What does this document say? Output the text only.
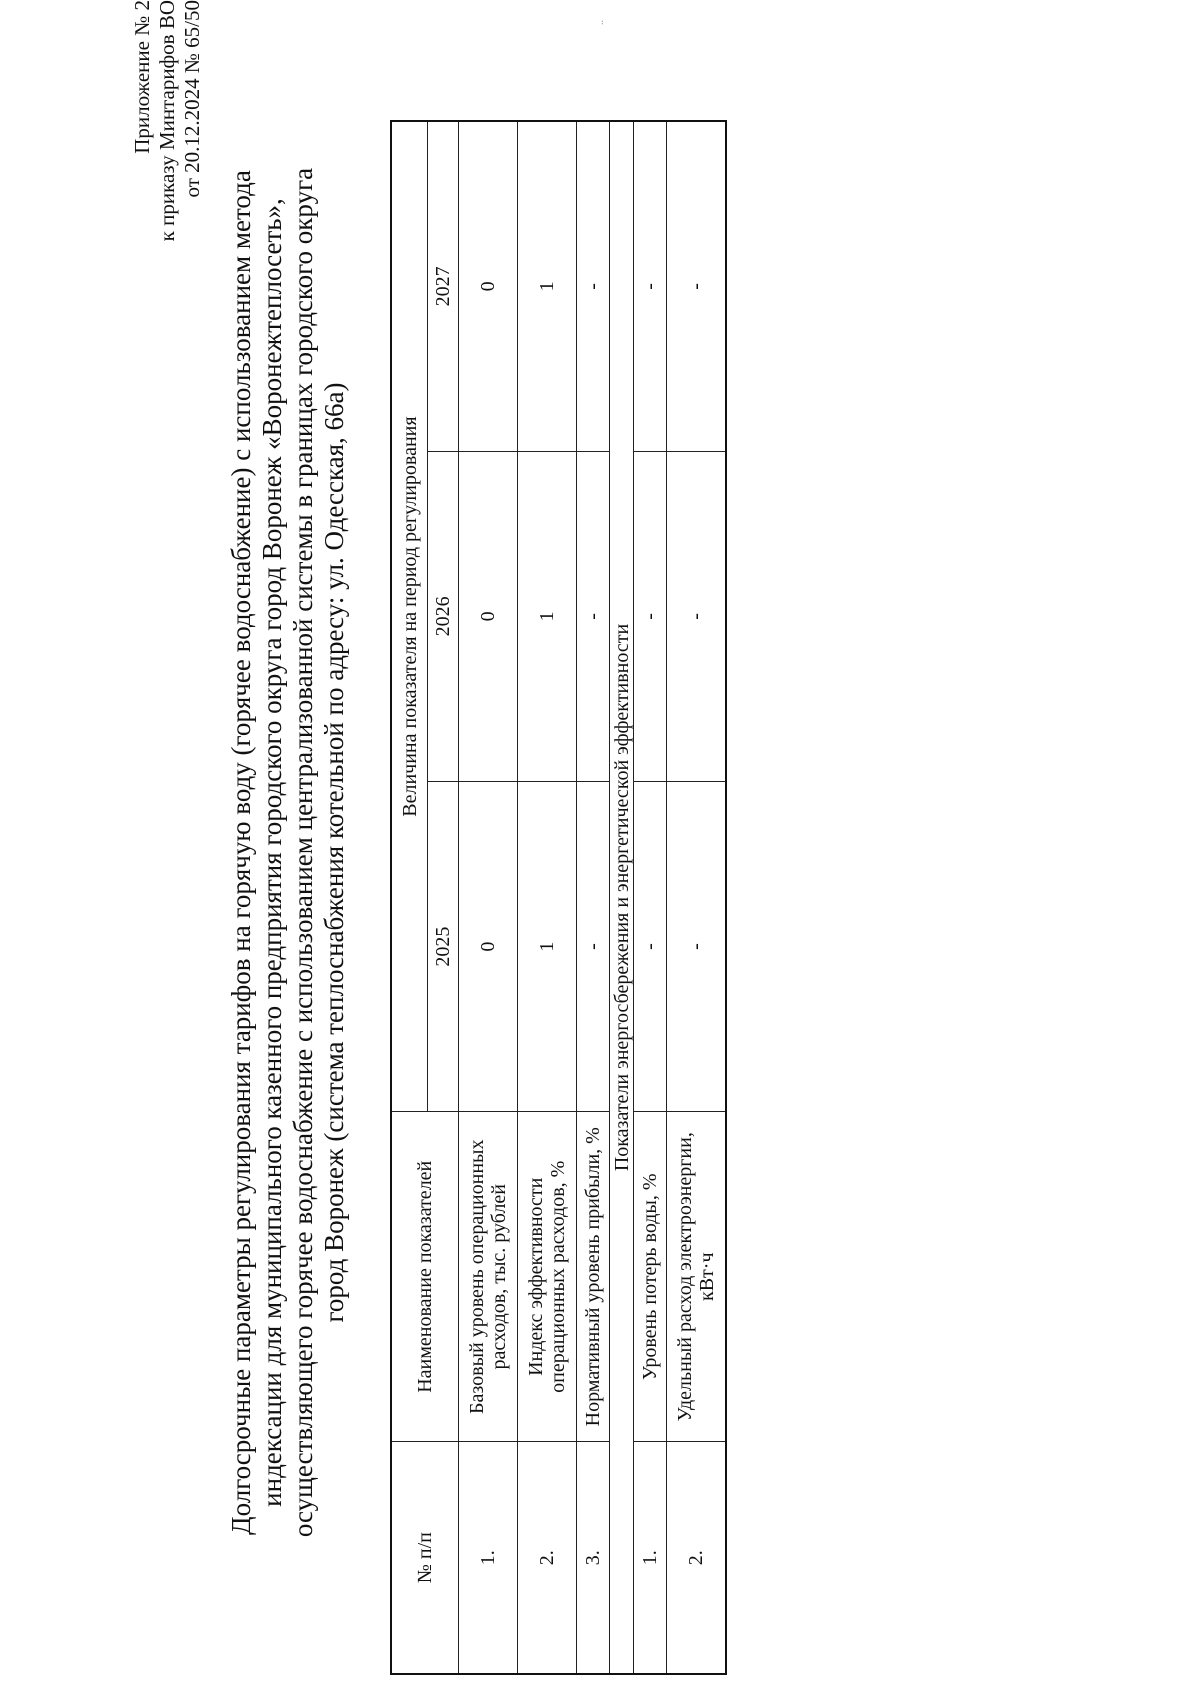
..
Приложение № 2 к приказу Минтарифов ВО от 20.12.2024 № 65/50
Долгосрочные параметры регулирования тарифов на горячую воду (горячее водоснабжение) с использованием метода индексации для муниципального казенного предприятия городского округа город Воронеж «Воронежтеплосеть», осуществляющего горячее водоснабжение с использованием централизованной системы в границах городского округа город Воронеж (система теплоснабжения котельной по адресу: ул. Одесская, 66а)
№ п/п	Наименование показателей	Величина показателя на период регулирования		
		2025	2026	2027
1.	Базовый уровень операционных расходов, тыс. рублей	0	0	0
2.	Индекс эффективности операционных расходов, %	1	1	1
3.	Нормативный уровень прибыли, %	-	-	-
Показатели энергосбережения и энергетической эффективности				
1.	Уровень потерь воды, %	-	-	-
2.	Удельный расход электроэнергии, кВт·ч	-	-	-
